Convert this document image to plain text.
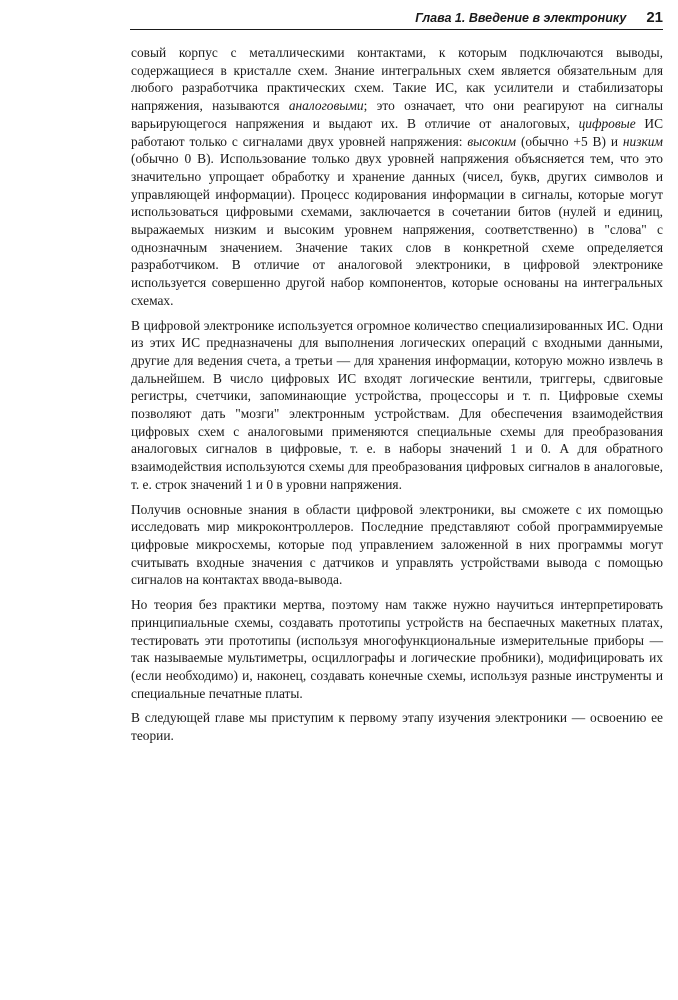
Глава 1. Введение в электронику 21

совый корпус с металлическими контактами, к которым подключаются выводы, содержащиеся в кристалле схем. Знание интегральных схем является обязательным для любого разработчика практических схем. Такие ИС, как усилители и стабилизаторы напряжения, называются аналоговыми; это означает, что они реагируют на сигналы варьирующегося напряжения и выдают их. В отличие от аналоговых, цифровые ИС работают только с сигналами двух уровней напряжения: высоким (обычно +5 В) и низким (обычно 0 В). Использование только двух уровней напряжения объясняется тем, что это значительно упрощает обработку и хранение данных (чисел, букв, других символов и управляющей информации). Процесс кодирования информации в сигналы, которые могут использоваться цифровыми схемами, заключается в сочетании битов (нулей и единиц, выражаемых низким и высоким уровнем напряжения, соответственно) в "слова" с однозначным значением. Значение таких слов в конкретной схеме определяется разработчиком. В отличие от аналоговой электроники, в цифровой электронике используется совершенно другой набор компонентов, которые основаны на интегральных схемах.

В цифровой электронике используется огромное количество специализированных ИС. Одни из этих ИС предназначены для выполнения логических операций с входными данными, другие для ведения счета, а третьи — для хранения информации, которую можно извлечь в дальнейшем. В число цифровых ИС входят логические вентили, триггеры, сдвиговые регистры, счетчики, запоминающие устройства, процессоры и т. п. Цифровые схемы позволяют дать "мозги" электронным устройствам. Для обеспечения взаимодействия цифровых схем с аналоговыми применяются специальные схемы для преобразования аналоговых сигналов в цифровые, т. е. в наборы значений 1 и 0. А для обратного взаимодействия используются схемы для преобразования цифровых сигналов в аналоговые, т. е. строк значений 1 и 0 в уровни напряжения.

Получив основные знания в области цифровой электроники, вы сможете с их помощью исследовать мир микроконтроллеров. Последние представляют собой программируемые цифровые микросхемы, которые под управлением заложенной в них программы могут считывать входные значения с датчиков и управлять устройствами вывода с помощью сигналов на контактах ввода-вывода.

Но теория без практики мертва, поэтому нам также нужно научиться интерпретировать принципиальные схемы, создавать прототипы устройств на беспаечных макетных платах, тестировать эти прототипы (используя многофункциональные измерительные приборы — так называемые мультиметры, осциллографы и логические пробники), модифицировать их (если необходимо) и, наконец, создавать конечные схемы, используя разные инструменты и специальные печатные платы.

В следующей главе мы приступим к первому этапу изучения электроники — освоению ее теории.
